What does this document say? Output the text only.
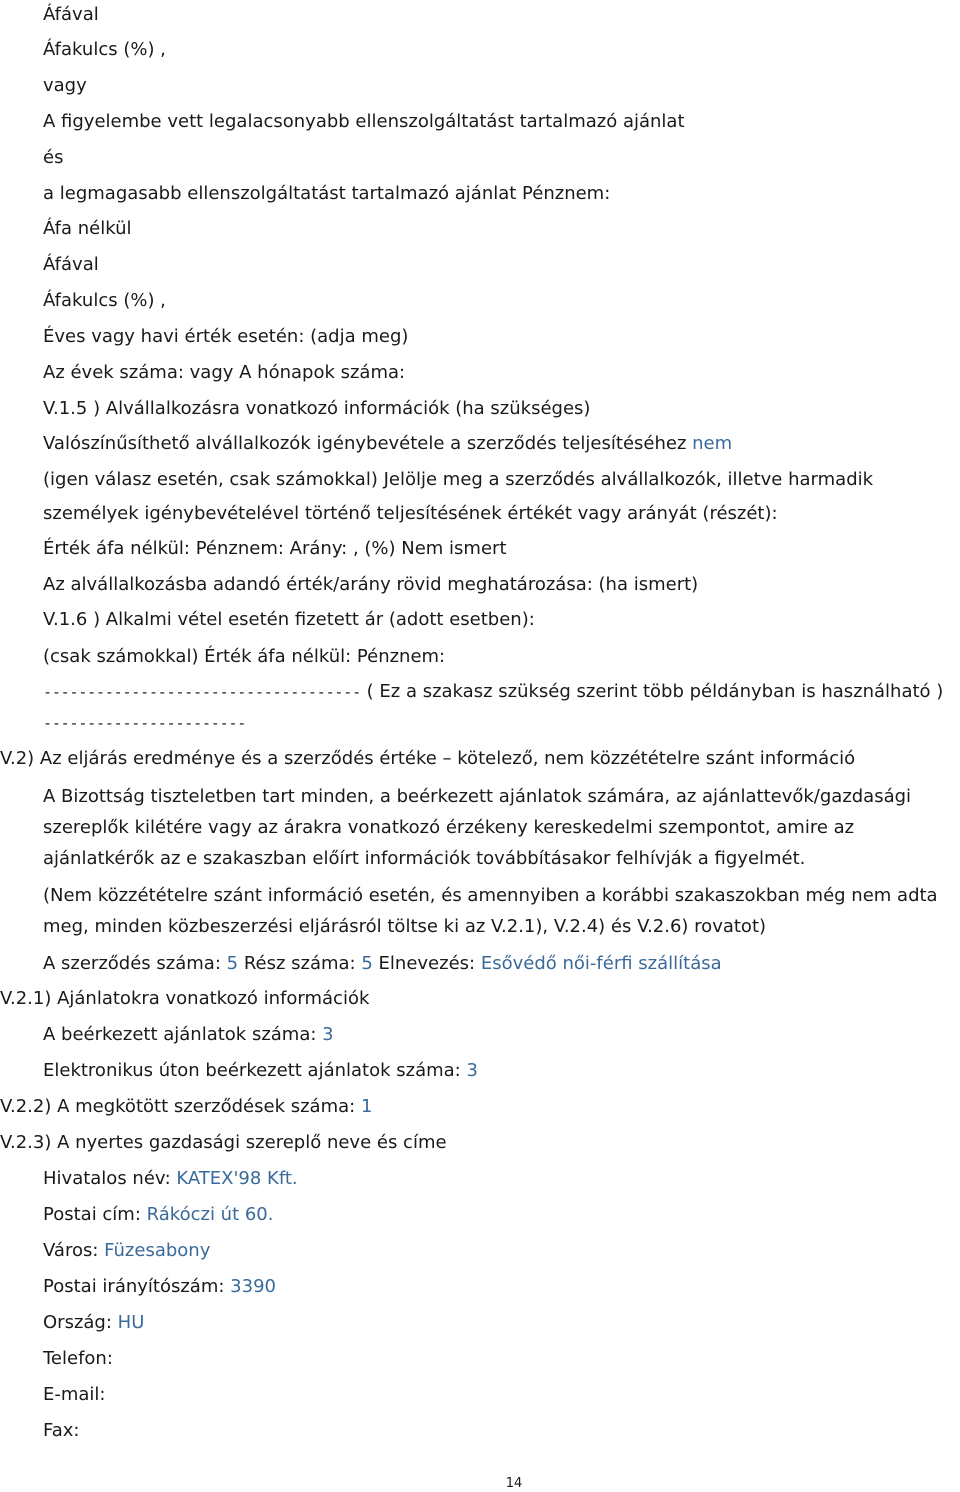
Áfával
Áfakulcs (%) ,
vagy
A figyelembe vett legalacsonyabb ellenszolgáltatást tartalmazó ajánlat
és
a legmagasabb ellenszolgáltatást tartalmazó ajánlat Pénznem:
Áfa nélkül
Áfával
Áfakulcs (%) ,
Éves vagy havi érték esetén: (adja meg)
Az évek száma: vagy A hónapok száma:
V.1.5 ) Alvállalkozásra vonatkozó információk (ha szükséges)
Valószínűsíthető alvállalkozók igénybevétele a szerződés teljesítéséhez nem
(igen válasz esetén, csak számokkal) Jelölje meg a szerződés alvállalkozók, illetve harmadik
személyek igénybevételével történő teljesítésének értékét vagy arányát (részét):
Érték áfa nélkül: Pénznem: Arány: , (%) Nem ismert
Az alvállalkozásba adandó érték/arány rövid meghatározása: (ha ismert)
V.1.6 ) Alkalmi vétel esetén fizetett ár (adott esetben):
(csak számokkal) Érték áfa nélkül: Pénznem:
------------------------------------ ( Ez a szakasz szükség szerint több példányban is használható )
-----------------------
V.2) Az eljárás eredménye és a szerződés értéke – kötelező, nem közzétételre szánt információ
A Bizottság tiszteletben tart minden, a beérkezett ajánlatok számára, az ajánlattevők/gazdasági
szereplők kilétére vagy az árakra vonatkozó érzékeny kereskedelmi szempontot, amire az
ajánlatkérők az e szakaszban előírt információk továbbításakor felhívják a figyelmét.
(Nem közzétételre szánt információ esetén, és amennyiben a korábbi szakaszokban még nem adta
meg, minden közbeszerzési eljárásról töltse ki az V.2.1), V.2.4) és V.2.6) rovatot)
A szerződés száma: 5 Rész száma: 5 Elnevezés: Esővédő női-férfi szállítása
V.2.1) Ajánlatokra vonatkozó információk
A beérkezett ajánlatok száma: 3
Elektronikus úton beérkezett ajánlatok száma: 3
V.2.2) A megkötött szerződések száma: 1
V.2.3) A nyertes gazdasági szereplő neve és címe
Hivatalos név: KATEX'98 Kft.
Postai cím: Rákóczi út 60.
Város: Füzesabony
Postai irányítószám: 3390
Ország: HU
Telefon:
E-mail:
Fax:
14
